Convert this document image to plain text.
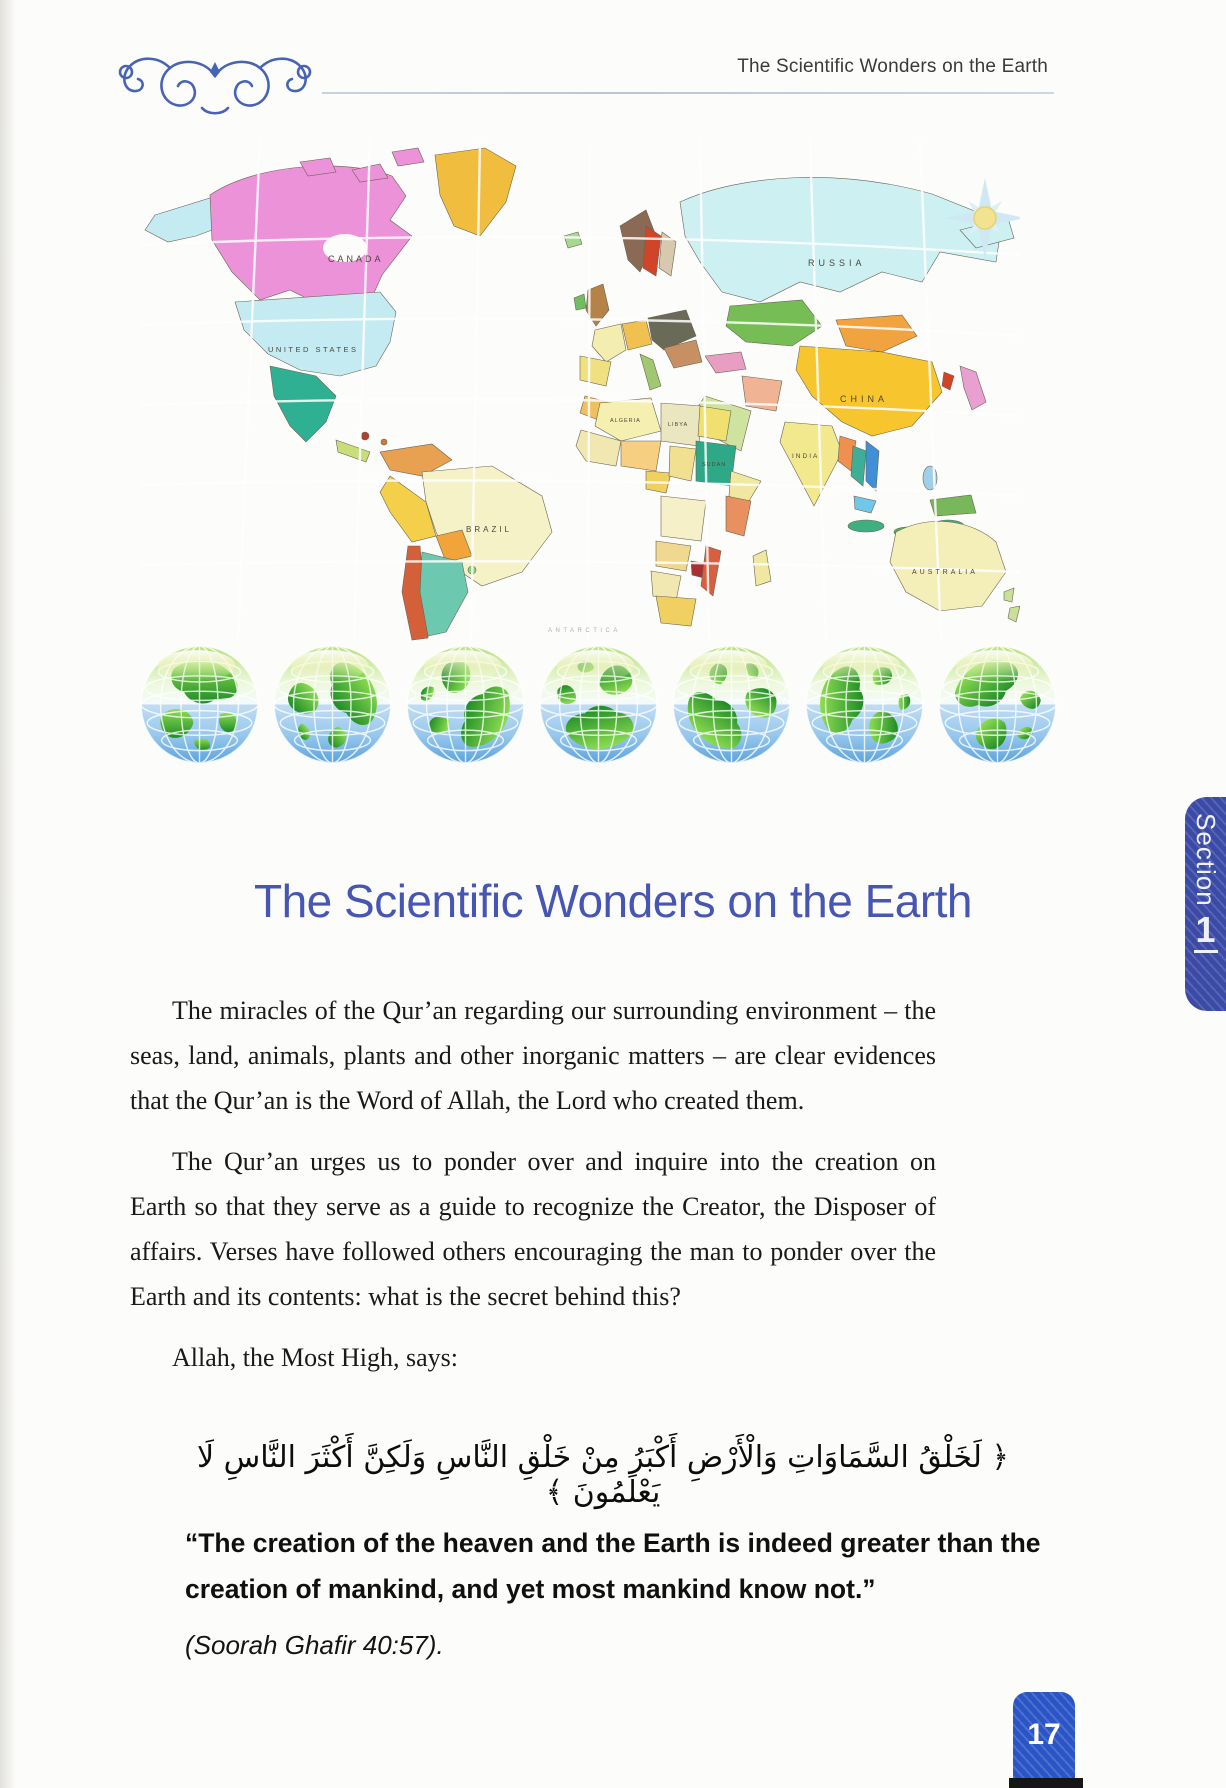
The Scientific Wonders on the Earth
CANADA
UNITED STATES
RUSSIA
CHINA
INDIA
BRAZIL
AUSTRALIA
ALGERIA
LIBYA
SUDAN
ANTARCTICA
The Scientific Wonders on the Earth

The miracles of the Qur’an regarding our surrounding environment – the seas, land, animals, plants and other inorganic matters – are clear evidences that the Qur’an is the Word of Allah, the Lord who created them.

The Qur’an urges us to ponder over and inquire into the creation on Earth so that they serve as a guide to recognize the Creator, the Disposer of affairs. Verses have followed others encouraging the man to ponder over the Earth and its contents: what is the secret behind this?

Allah, the Most High, says:

﴿ لَخَلْقُ السَّمَاوَاتِ وَالْأَرْضِ أَكْبَرُ مِنْ خَلْقِ النَّاسِ وَلَكِنَّ أَكْثَرَ النَّاسِ لَا يَعْلَمُونَ ﴾
“The creation of the heaven and the Earth is indeed greater than the creation of mankind, and yet most mankind know not.”
(Soorah Ghafir 40:57).
Section
1
17
